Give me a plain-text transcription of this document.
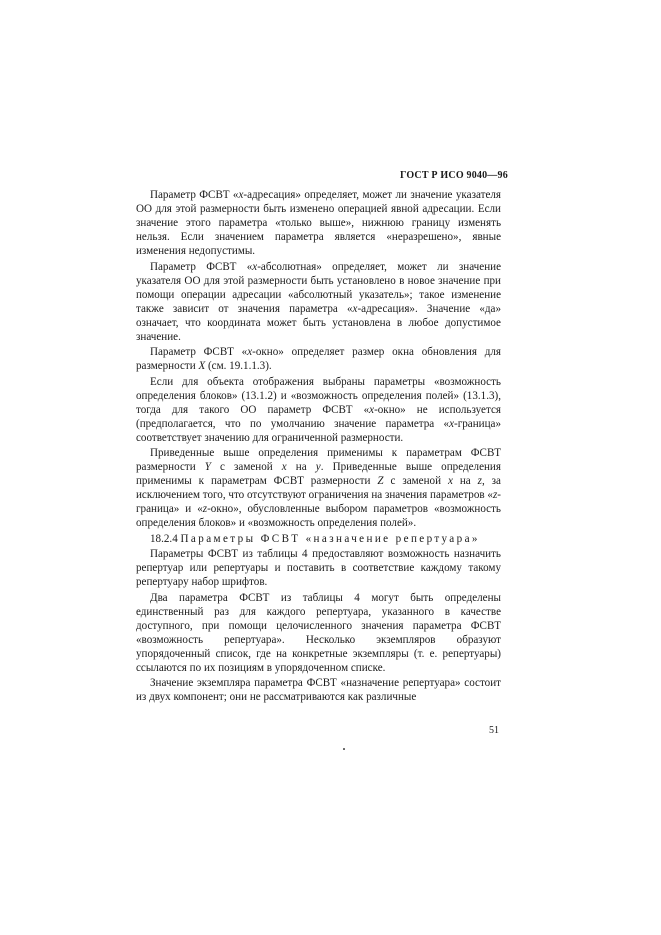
ГОСТ Р ИСО 9040—96

Параметр ФСВТ «x-адресация» определяет, может ли значение указателя ОО для этой размерности быть изменено операцией явной адресации. Если значение этого параметра «только выше», нижнюю границу изменять нельзя. Если значением параметра является «неразрешено», явные изменения недопустимы.

Параметр ФСВТ «x-абсолютная» определяет, может ли значение указателя ОО для этой размерности быть установлено в новое значение при помощи операции адресации «абсолютный указатель»; такое изменение также зависит от значения параметра «x-адресация». Значение «да» означает, что координата может быть установлена в любое допустимое значение.

Параметр ФСВТ «x-окно» определяет размер окна обновления для размерности X (см. 19.1.1.3).

Если для объекта отображения выбраны параметры «возможность определения блоков» (13.1.2) и «возможность определения полей» (13.1.3), тогда для такого ОО параметр ФСВТ «x-окно» не используется (предполагается, что по умолчанию значение параметра «x-граница» соответствует значению для ограниченной размерности.

Приведенные выше определения применимы к параметрам ФСВТ размерности Y с заменой x на y. Приведенные выше определения применимы к параметрам ФСВТ размерности Z с заменой x на z, за исключением того, что отсутствуют ограничения на значения параметров «z-граница» и «z-окно», обусловленные выбором параметров «возможность определения блоков» и «возможность определения полей».

18.2.4 Параметры ФСВТ «назначение репертуара»

Параметры ФСВТ из таблицы 4 предоставляют возможность назначить репертуар или репертуары и поставить в соответствие каждому такому репертуару набор шрифтов.

Два параметра ФСВТ из таблицы 4 могут быть определены единственный раз для каждого репертуара, указанного в качестве доступного, при помощи целочисленного значения параметра ФСВТ «возможность репертуара». Несколько экземпляров образуют упорядоченный список, где на конкретные экземпляры (т. е. репертуары) ссылаются по их позициям в упорядоченном списке.

Значение экземпляра параметра ФСВТ «назначение репертуара» состоит из двух компонент; они не рассматриваются как различные

51
